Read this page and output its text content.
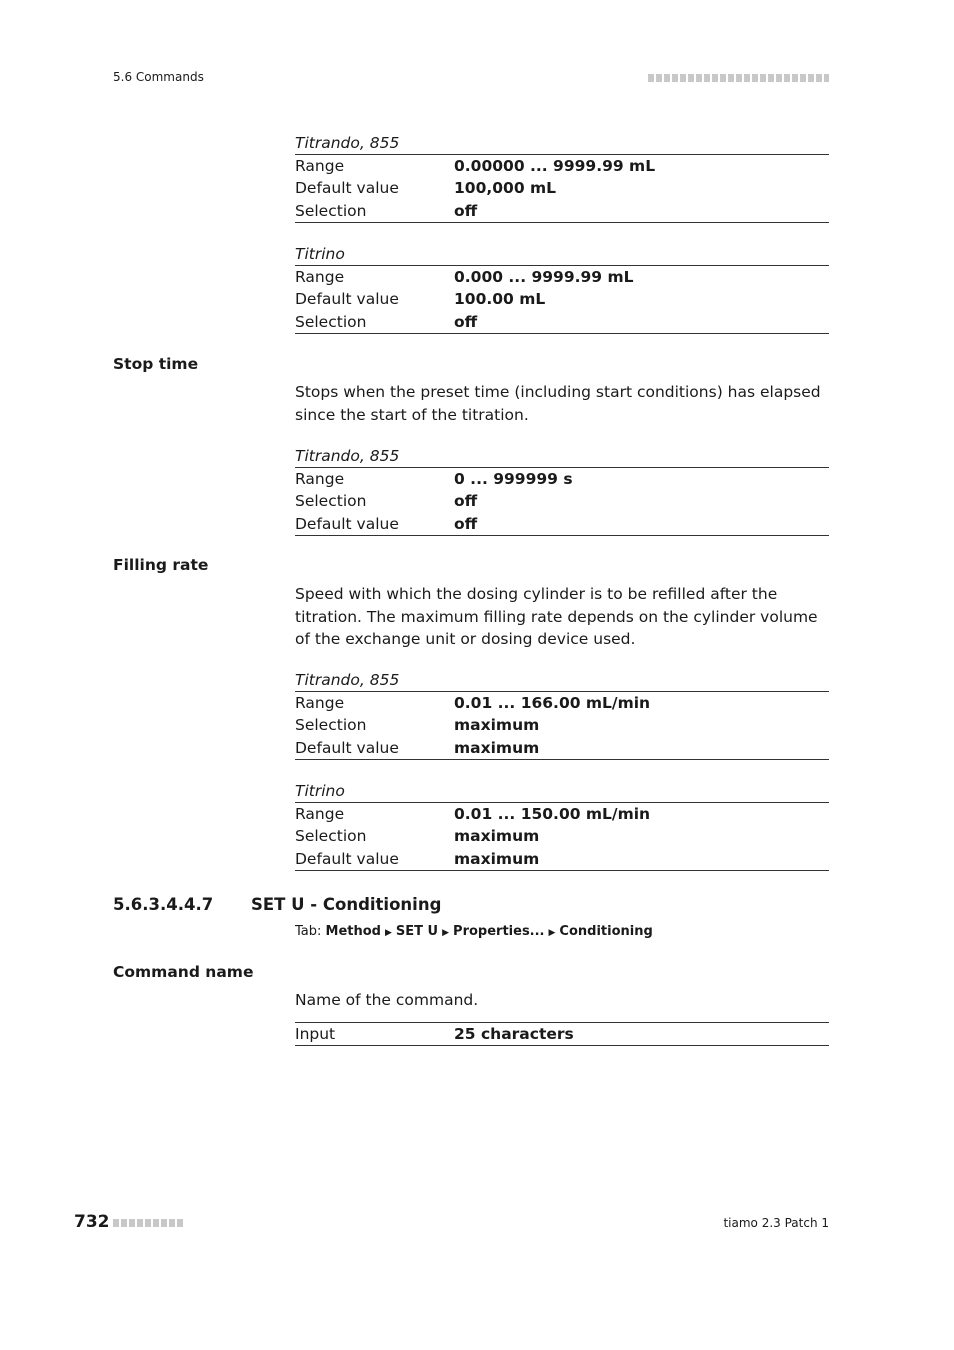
5.6 Commands
Titrando, 855
Range	0.00000 ... 9999.99 mL
Default value	100,000 mL
Selection	off
Titrino
Range	0.000 ... 9999.99 mL
Default value	100.00 mL
Selection	off
Stop time
Stops when the preset time (including start conditions) has elapsed since the start of the titration.
Titrando, 855
Range	0 ... 999999 s
Selection	off
Default value	off
Filling rate
Speed with which the dosing cylinder is to be refilled after the titration. The maximum filling rate depends on the cylinder volume of the exchange unit or dosing device used.
Titrando, 855
Range	0.01 ... 166.00 mL/min
Selection	maximum
Default value	maximum
Titrino
Range	0.01 ... 150.00 mL/min
Selection	maximum
Default value	maximum
5.6.3.4.4.7 SET U - Conditioning
Tab: Method ▶ SET U ▶ Properties... ▶ Conditioning
Command name
Name of the command.
Input	25 characters
732	tiamo 2.3 Patch 1
